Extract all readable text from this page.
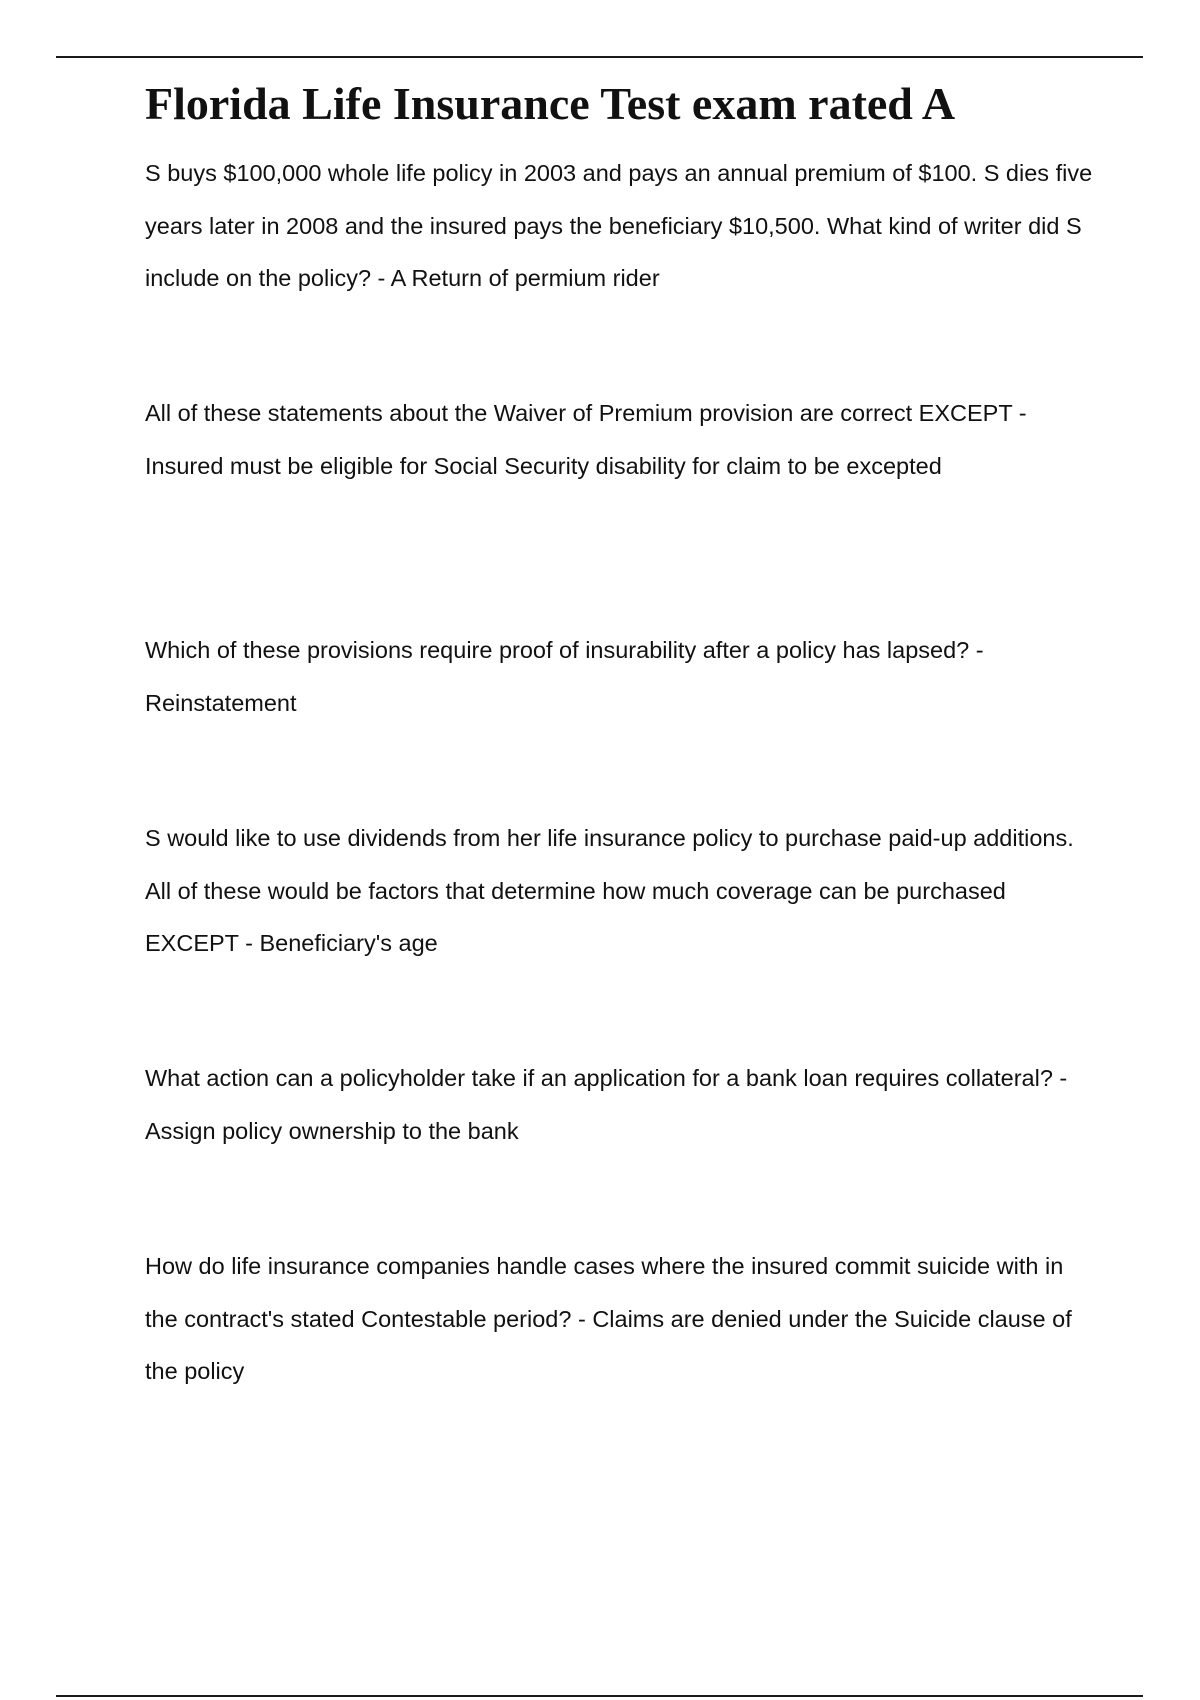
Florida Life Insurance Test exam rated A

S buys $100,000 whole life policy in 2003 and pays an annual premium of $100. S dies five years later in 2008 and the insured pays the beneficiary $10,500. What kind of writer did S include on the policy? - A Return of permium rider

All of these statements about the Waiver of Premium provision are correct EXCEPT - Insured must be eligible for Social Security disability for claim to be excepted

Which of these provisions require proof of insurability after a policy has lapsed? - Reinstatement

S would like to use dividends from her life insurance policy to purchase paid-up additions. All of these would be factors that determine how much coverage can be purchased EXCEPT - Beneficiary's age

What action can a policyholder take if an application for a bank loan requires collateral? - Assign policy ownership to the bank

How do life insurance companies handle cases where the insured commit suicide with in the contract's stated Contestable period? - Claims are denied under the Suicide clause of the policy
